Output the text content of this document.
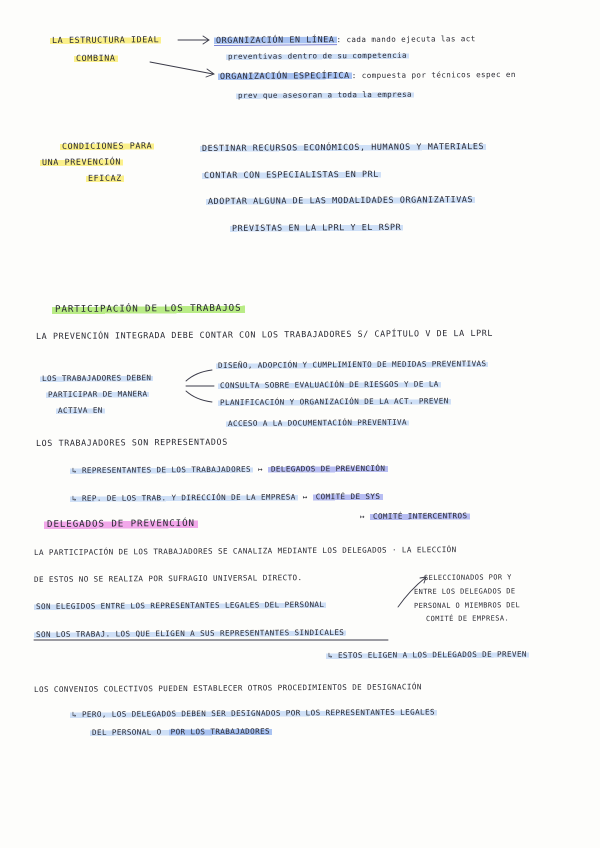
LA ESTRUCTURA IDEAL
COMBINA
ORGANIZACIÓN EN LÍNEA : cada mando ejecuta las act
preventivas dentro de su competencia
ORGANIZACIÓN ESPECÍFICA : compuesta por técnicos espec en
prev que asesoran a toda la empresa
CONDICIONES PARA
UNA PREVENCIÓN
EFICAZ
DESTINAR RECURSOS ECONÓMICOS, HUMANOS Y MATERIALES
CONTAR CON ESPECIALISTAS EN PRL
ADOPTAR ALGUNA DE LAS MODALIDADES ORGANIZATIVAS
PREVISTAS EN LA LPRL Y EL RSPR
PARTICIPACIÓN DE LOS TRABAJOS
LA PREVENCIÓN INTEGRADA DEBE CONTAR CON LOS TRABAJADORES S/ CAPÍTULO V DE LA LPRL
LOS TRABAJADORES DEBEN
PARTICIPAR DE MANERA
ACTIVA EN
DISEÑO, ADOPCIÓN Y CUMPLIMIENTO DE MEDIDAS PREVENTIVAS
CONSULTA SOBRE EVALUACIÓN DE RIESGOS Y DE LA
PLANIFICACIÓN Y ORGANIZACIÓN DE LA ACT. PREVEN
ACCESO A LA DOCUMENTACIÓN PREVENTIVA
LOS TRABAJADORES SON REPRESENTADOS
↳ REPRESENTANTES DE LOS TRABAJADORES ↦ DELEGADOS DE PREVENCIÓN
↳ REP. DE LOS TRAB. Y DIRECCIÓN DE LA EMPRESA ↦ COMITÉ DE SYS
↦ COMITÉ INTERCENTROS
DELEGADOS DE PREVENCIÓN
LA PARTICIPACIÓN DE LOS TRABAJADORES SE CANALIZA MEDIANTE LOS DELEGADOS · LA ELECCIÓN
DE ESTOS NO SE REALIZA POR SUFRAGIO UNIVERSAL DIRECTO.
SON ELEGIDOS ENTRE LOS REPRESENTANTES LEGALES DEL PERSONAL
SELECCIONADOS POR Y
ENTRE LOS DELEGADOS DE
PERSONAL O MIEMBROS DEL
COMITÉ DE EMPRESA.
SON LOS TRABAJ. LOS QUE ELIGEN A SUS REPRESENTANTES SINDICALES
↳ ESTOS ELIGEN A LOS DELEGADOS DE PREVEN
LOS CONVENIOS COLECTIVOS PUEDEN ESTABLECER OTROS PROCEDIMIENTOS DE DESIGNACIÓN
↳ PERO, LOS DELEGADOS DEBEN SER DESIGNADOS POR LOS REPRESENTANTES LEGALES
DEL PERSONAL O POR LOS TRABAJADORES
